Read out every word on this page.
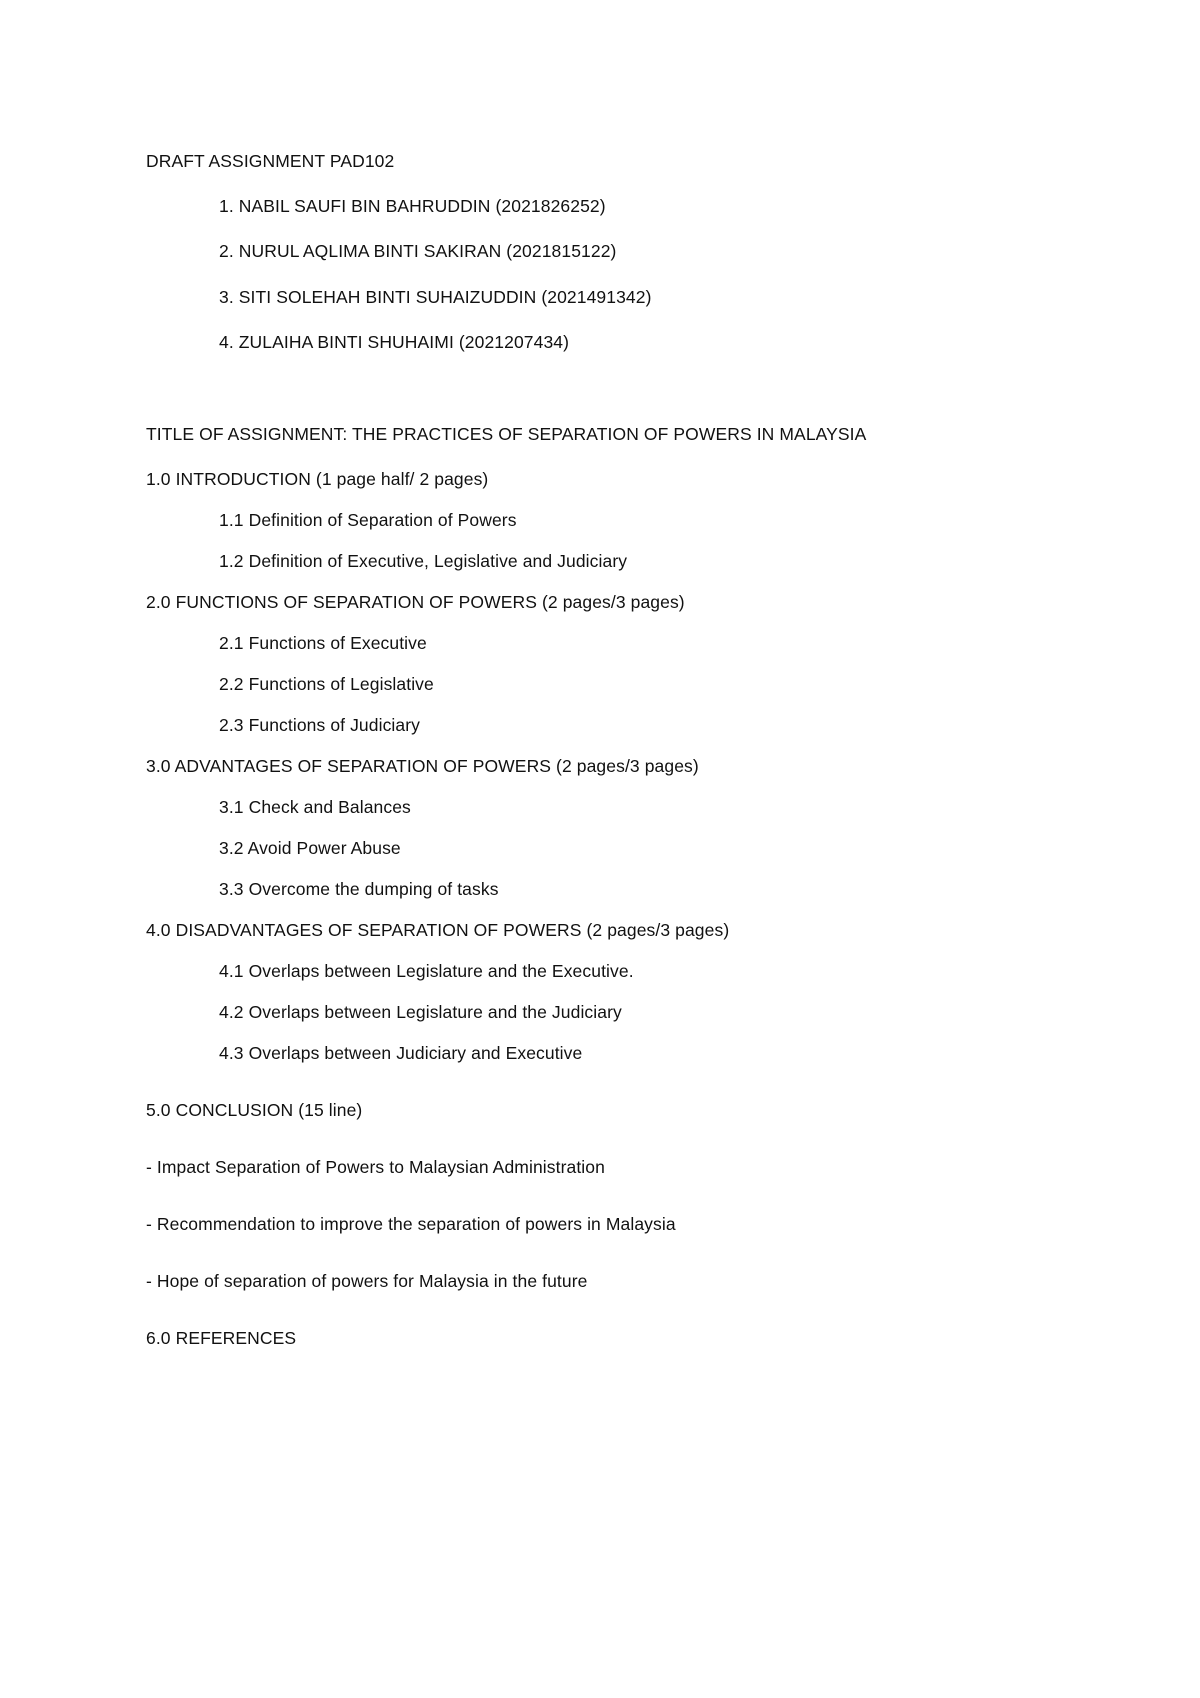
DRAFT ASSIGNMENT PAD102
1. NABIL SAUFI BIN BAHRUDDIN (2021826252)
2. NURUL AQLIMA BINTI SAKIRAN (2021815122)
3. SITI SOLEHAH BINTI SUHAIZUDDIN (2021491342)
4. ZULAIHA BINTI SHUHAIMI (2021207434)
TITLE OF ASSIGNMENT: THE PRACTICES OF SEPARATION OF POWERS IN MALAYSIA
1.0 INTRODUCTION (1 page half/ 2 pages)
1.1 Definition of Separation of Powers
1.2 Definition of Executive, Legislative and Judiciary
2.0 FUNCTIONS OF SEPARATION OF POWERS (2 pages/3 pages)
2.1 Functions of Executive
2.2 Functions of Legislative
2.3 Functions of Judiciary
3.0 ADVANTAGES OF SEPARATION OF POWERS (2 pages/3 pages)
3.1 Check and Balances
3.2 Avoid Power Abuse
3.3 Overcome the dumping of tasks
4.0 DISADVANTAGES OF SEPARATION OF POWERS (2 pages/3 pages)
4.1 Overlaps between Legislature and the Executive.
4.2 Overlaps between Legislature and the Judiciary
4.3 Overlaps between Judiciary and Executive
5.0 CONCLUSION (15 line)
- Impact Separation of Powers to Malaysian Administration
- Recommendation to improve the separation of powers in Malaysia
- Hope of separation of powers for Malaysia in the future
6.0 REFERENCES
